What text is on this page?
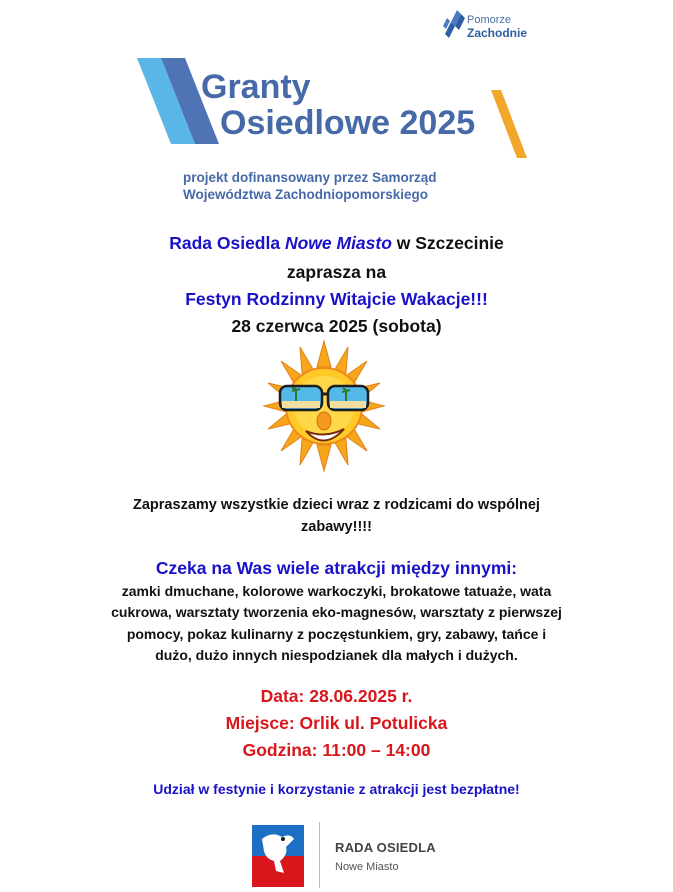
Pomorze
Zachodnie
Granty
Osiedlowe 2025
projekt dofinansowany przez Samorząd
Województwa Zachodniopomorskiego
Rada Osiedla Nowe Miasto w Szczecinie
zaprasza na
Festyn Rodzinny Witajcie Wakacje!!!
28 czerwca 2025 (sobota)
Zapraszamy wszystkie dzieci wraz z rodzicami do wspólnej
zabawy!!!!
Czeka na Was wiele atrakcji między innymi:
zamki dmuchane, kolorowe warkoczyki, brokatowe tatuaże, wata
cukrowa, warsztaty tworzenia eko-magnesów, warsztaty z pierwszej
pomocy, pokaz kulinarny z poczęstunkiem, gry, zabawy, tańce i
dużo, dużo innych niespodzianek dla małych i dużych.
Data: 28.06.2025 r.
Miejsce: Orlik ul. Potulicka
Godzina: 11:00 – 14:00
Udział w festynie i korzystanie z atrakcji jest bezpłatne!
RADA OSIEDLA
Nowe Miasto
